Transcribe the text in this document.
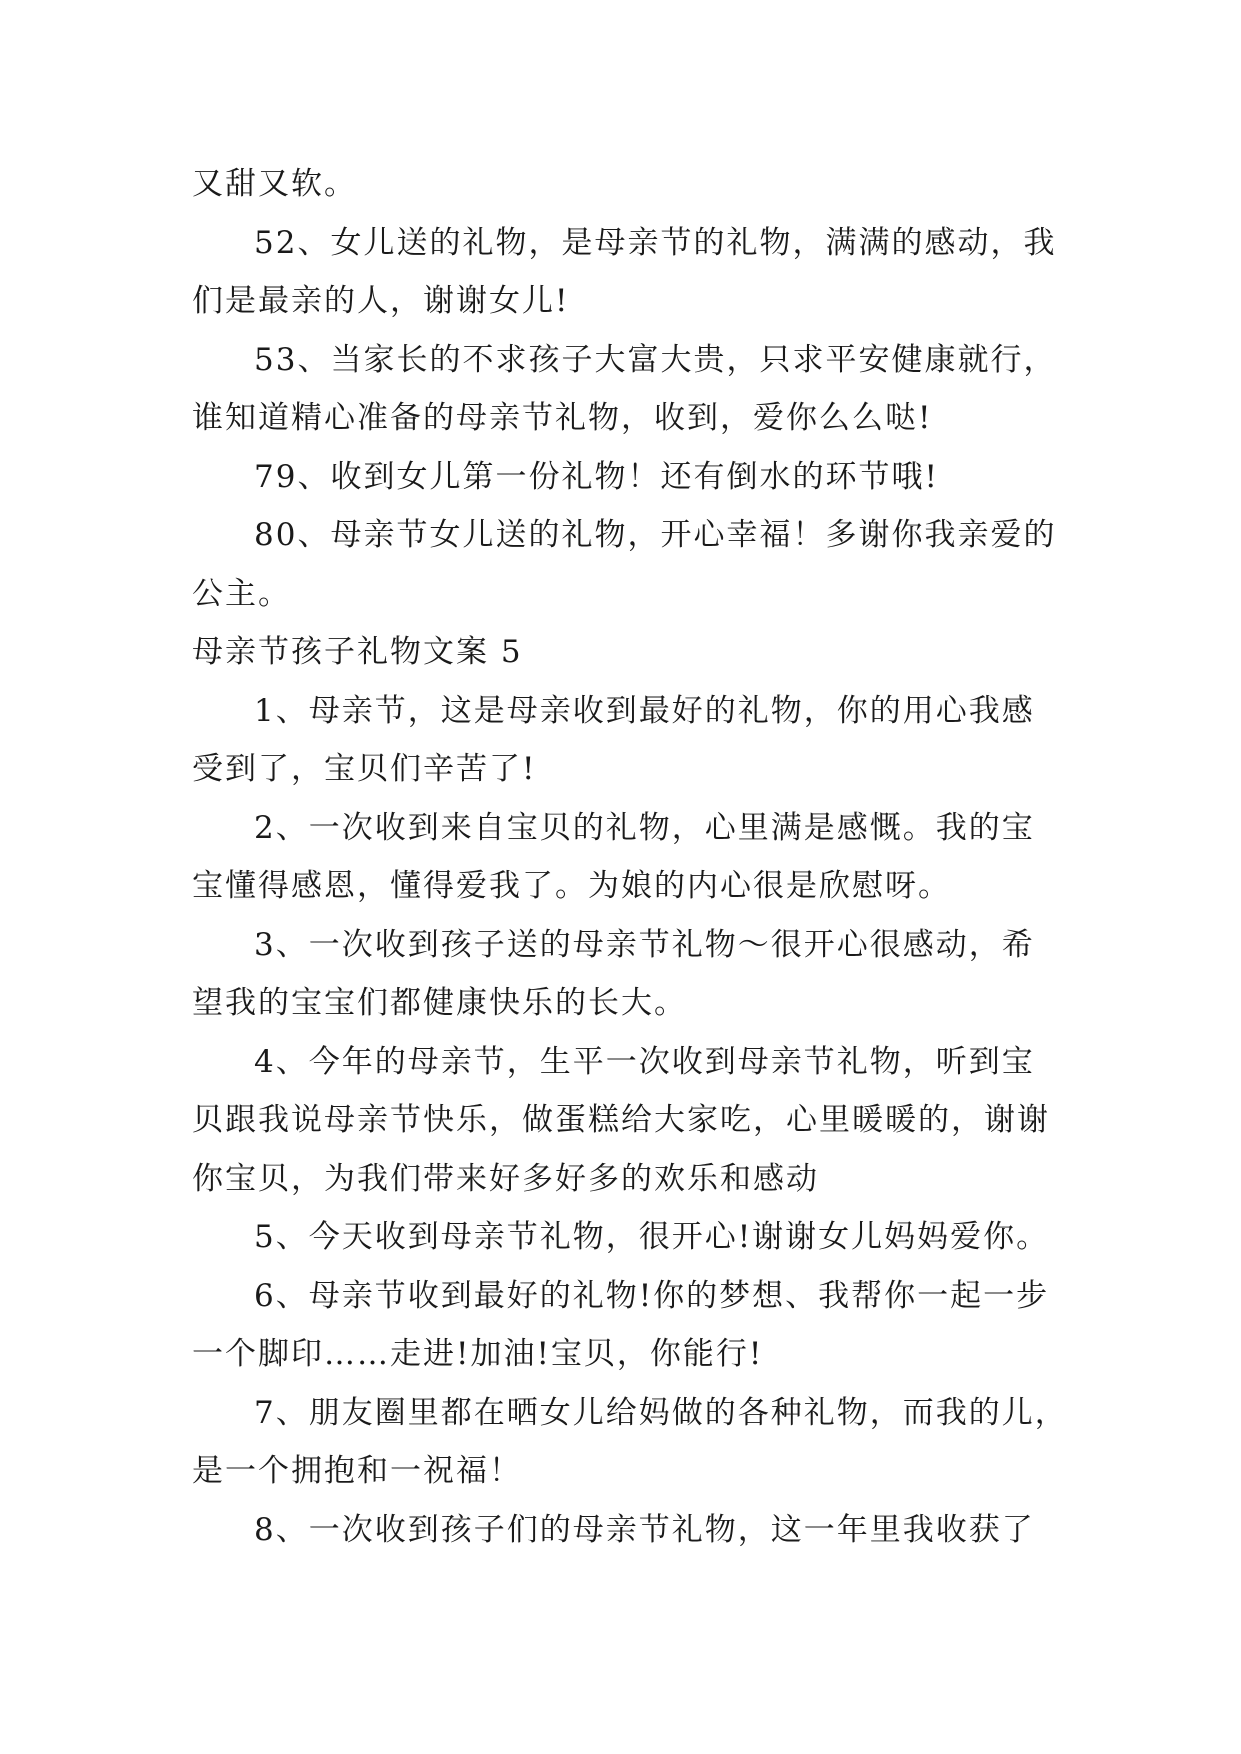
又甜又软。
52、女儿送的礼物，是母亲节的礼物，满满的感动，我
们是最亲的人，谢谢女儿!
53、当家长的不求孩子大富大贵，只求平安健康就行，
谁知道精心准备的母亲节礼物，收到，爱你么么哒!
79、收到女儿第一份礼物！还有倒水的环节哦!
80、母亲节女儿送的礼物，开心幸福！多谢你我亲爱的
公主。
母亲节孩子礼物文案 5
1、母亲节，这是母亲收到最好的礼物，你的用心我感
受到了，宝贝们辛苦了!
2、一次收到来自宝贝的礼物，心里满是感慨。我的宝
宝懂得感恩，懂得爱我了。为娘的内心很是欣慰呀。
3、一次收到孩子送的母亲节礼物～很开心很感动，希
望我的宝宝们都健康快乐的长大。
4、今年的母亲节，生平一次收到母亲节礼物，听到宝
贝跟我说母亲节快乐，做蛋糕给大家吃，心里暖暖的，谢谢
你宝贝，为我们带来好多好多的欢乐和感动
5、今天收到母亲节礼物，很开心!谢谢女儿妈妈爱你。
6、母亲节收到最好的礼物!你的梦想、我帮你一起一步
一个脚印……走进!加油!宝贝，你能行!
7、朋友圈里都在晒女儿给妈做的各种礼物，而我的儿，
是一个拥抱和一祝福！
8、一次收到孩子们的母亲节礼物，这一年里我收获了
